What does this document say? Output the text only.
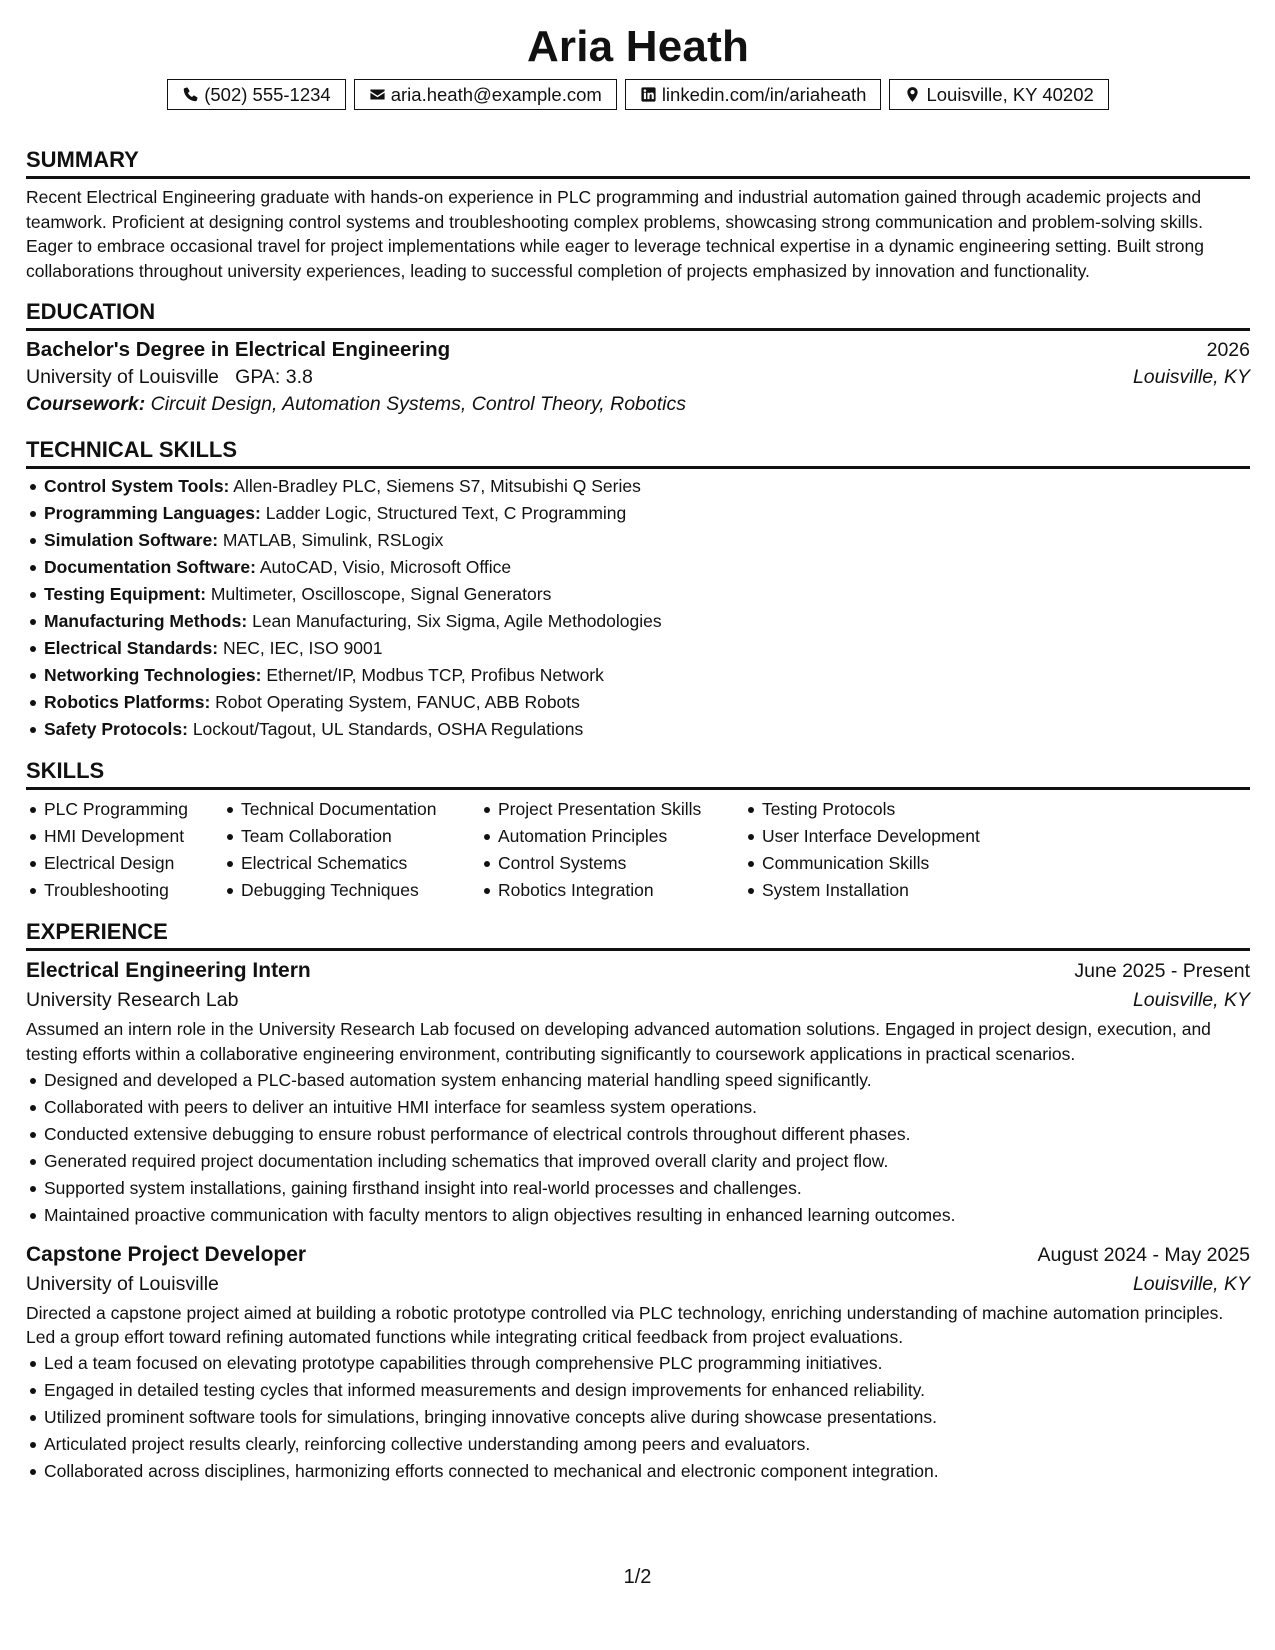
Aria Heath
(502) 555-1234	aria.heath@example.com	linkedin.com/in/ariaheath	Louisville, KY 40202
SUMMARY

Recent Electrical Engineering graduate with hands-on experience in PLC programming and industrial automation gained through academic projects and teamwork. Proficient at designing control systems and troubleshooting complex problems, showcasing strong communication and problem-solving skills. Eager to embrace occasional travel for project implementations while eager to leverage technical expertise in a dynamic engineering setting. Built strong collaborations throughout university experiences, leading to successful completion of projects emphasized by innovation and functionality.

EDUCATION
Bachelor's Degree in Electrical Engineering	2026
University of Louisville GPA: 3.8	Louisville, KY
Coursework: Circuit Design, Automation Systems, Control Theory, Robotics
TECHNICAL SKILLS
Control System Tools: Allen-Bradley PLC, Siemens S7, Mitsubishi Q Series
Programming Languages: Ladder Logic, Structured Text, C Programming
Simulation Software: MATLAB, Simulink, RSLogix
Documentation Software: AutoCAD, Visio, Microsoft Office
Testing Equipment: Multimeter, Oscilloscope, Signal Generators
Manufacturing Methods: Lean Manufacturing, Six Sigma, Agile Methodologies
Electrical Standards: NEC, IEC, ISO 9001
Networking Technologies: Ethernet/IP, Modbus TCP, Profibus Network
Robotics Platforms: Robot Operating System, FANUC, ABB Robots
Safety Protocols: Lockout/Tagout, UL Standards, OSHA Regulations
SKILLS
PLC Programming
HMI Development
Electrical Design
Troubleshooting
Technical Documentation
Team Collaboration
Electrical Schematics
Debugging Techniques
Project Presentation Skills
Automation Principles
Control Systems
Robotics Integration
Testing Protocols
User Interface Development
Communication Skills
System Installation
EXPERIENCE
Electrical Engineering Intern	June 2025 - Present
University Research Lab	Louisville, KY

Assumed an intern role in the University Research Lab focused on developing advanced automation solutions. Engaged in project design, execution, and testing efforts within a collaborative engineering environment, contributing significantly to coursework applications in practical scenarios.

Designed and developed a PLC-based automation system enhancing material handling speed significantly.
Collaborated with peers to deliver an intuitive HMI interface for seamless system operations.
Conducted extensive debugging to ensure robust performance of electrical controls throughout different phases.
Generated required project documentation including schematics that improved overall clarity and project flow.
Supported system installations, gaining firsthand insight into real-world processes and challenges.
Maintained proactive communication with faculty mentors to align objectives resulting in enhanced learning outcomes.
Capstone Project Developer	August 2024 - May 2025
University of Louisville	Louisville, KY

Directed a capstone project aimed at building a robotic prototype controlled via PLC technology, enriching understanding of machine automation principles. Led a group effort toward refining automated functions while integrating critical feedback from project evaluations.

Led a team focused on elevating prototype capabilities through comprehensive PLC programming initiatives.
Engaged in detailed testing cycles that informed measurements and design improvements for enhanced reliability.
Utilized prominent software tools for simulations, bringing innovative concepts alive during showcase presentations.
Articulated project results clearly, reinforcing collective understanding among peers and evaluators.
Collaborated across disciplines, harmonizing efforts connected to mechanical and electronic component integration.
1/2
